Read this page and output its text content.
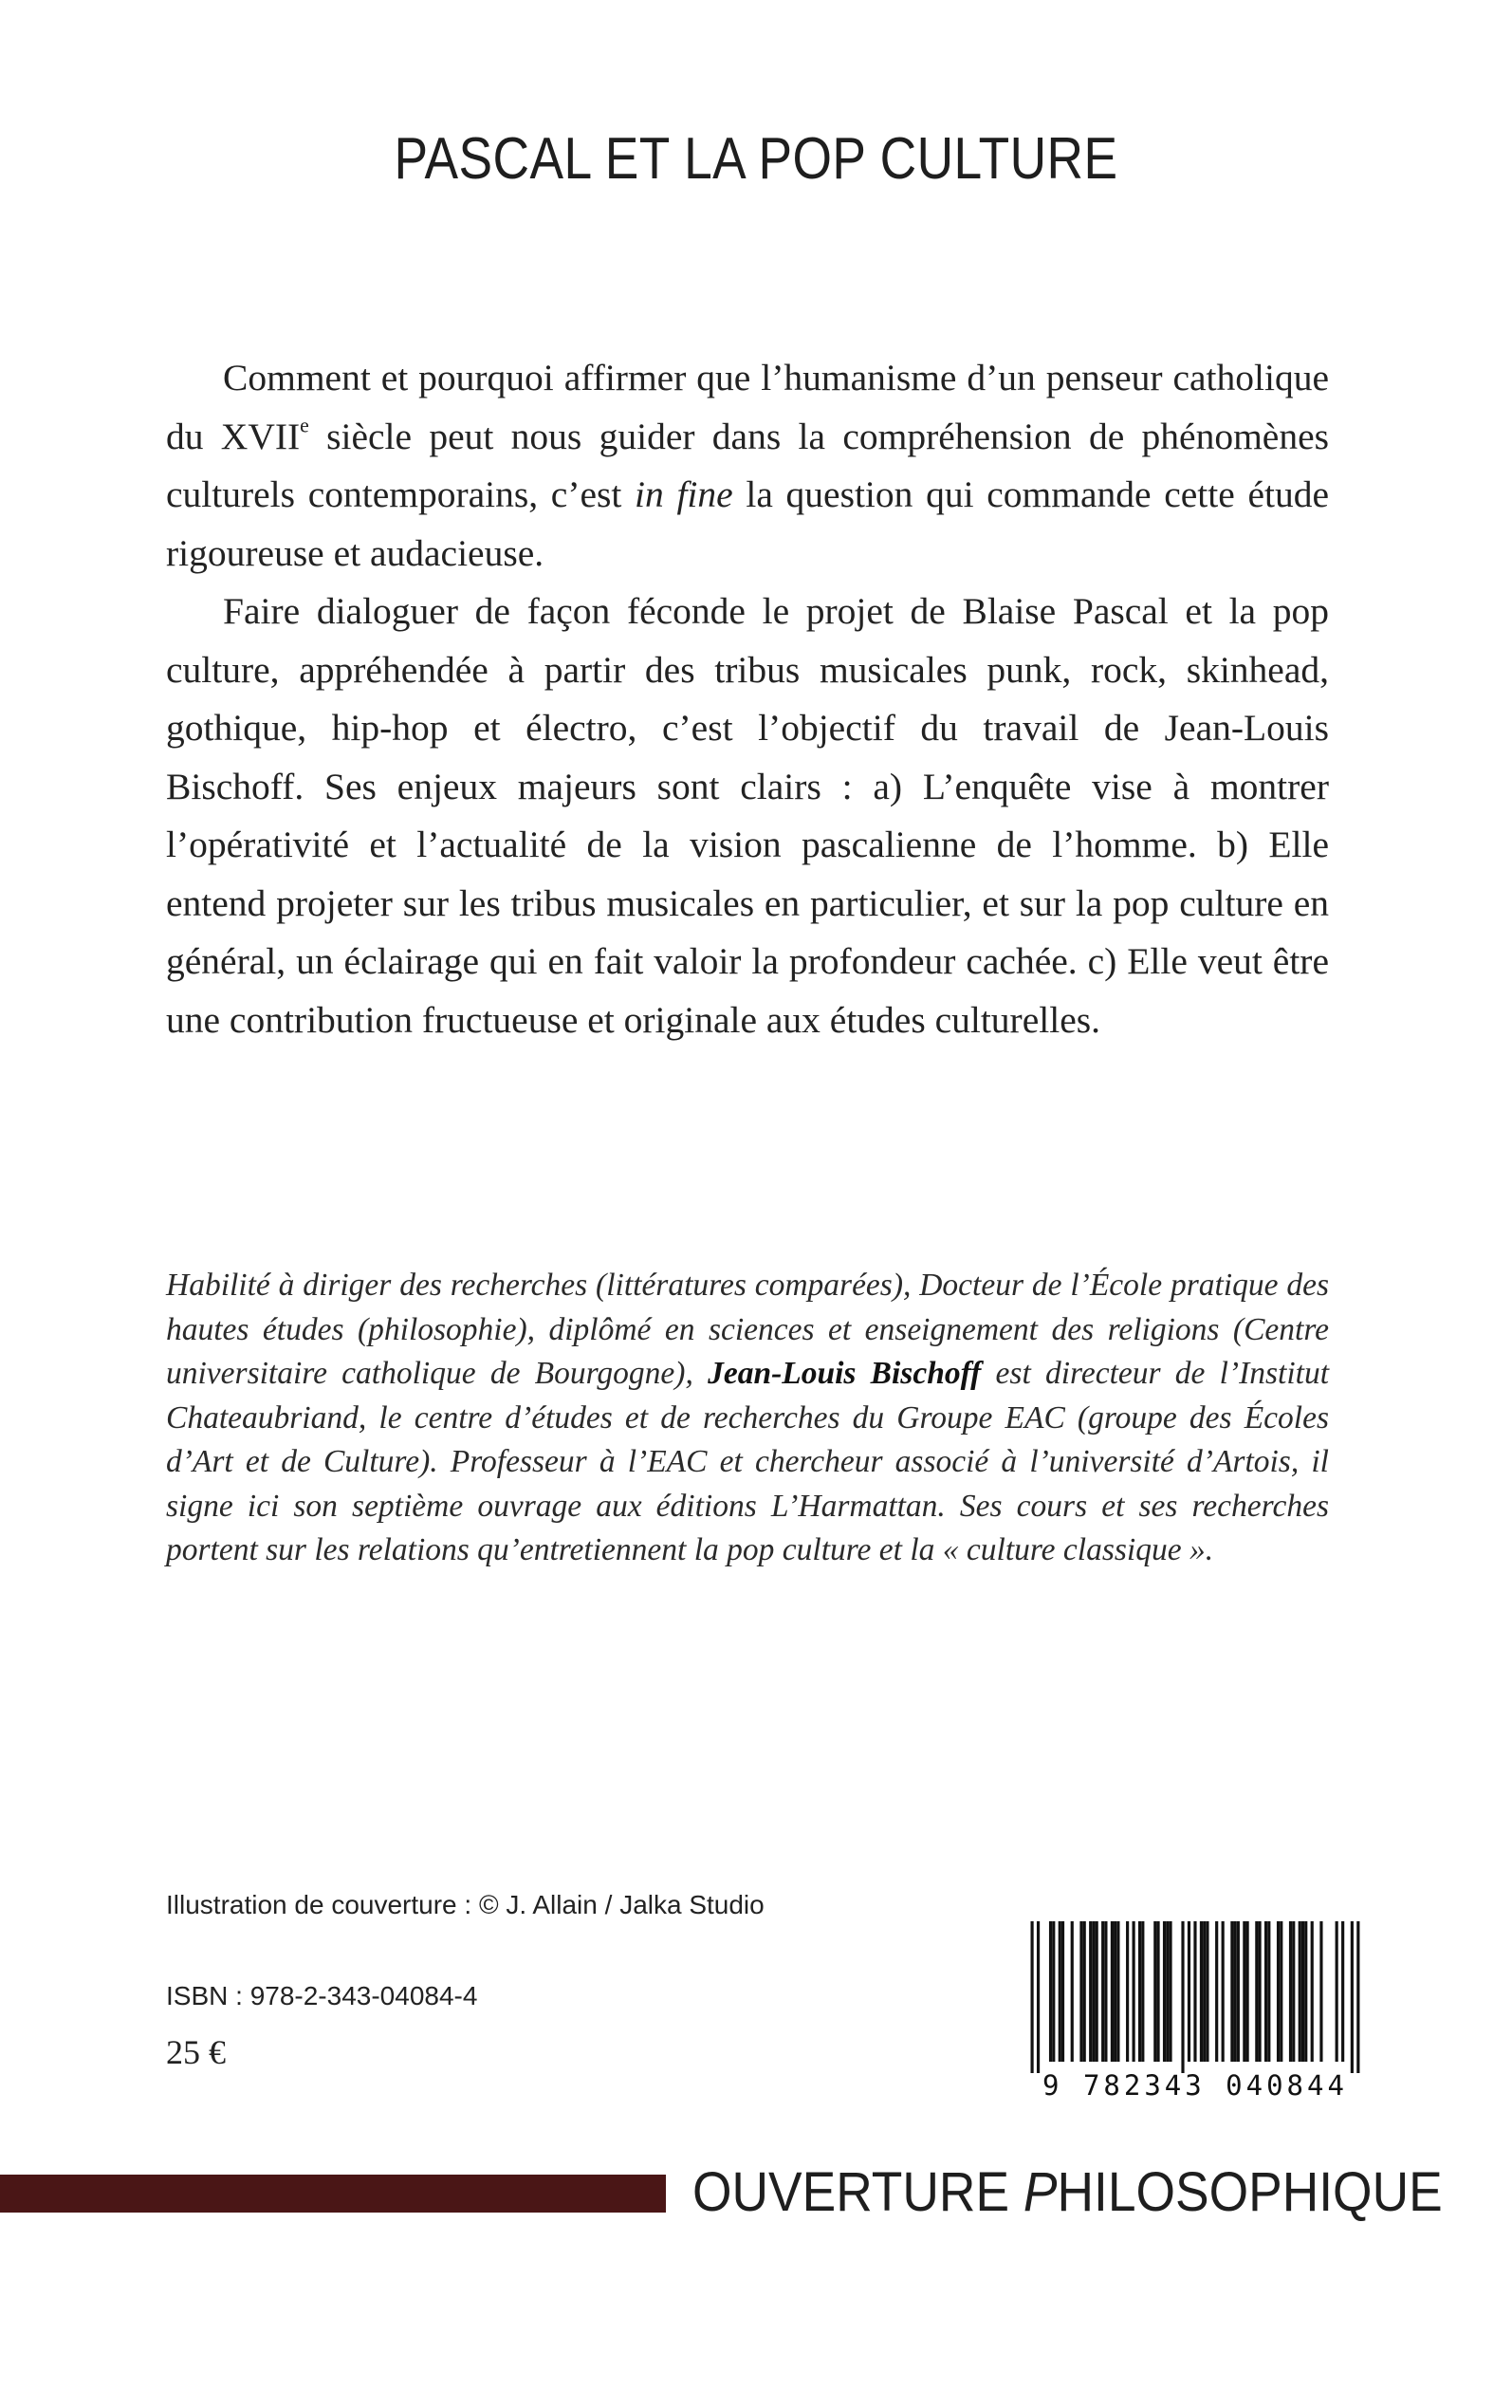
PASCAL ET LA POP CULTURE

Comment et pourquoi affirmer que l’humanisme d’un penseur catholique du XVIIe siècle peut nous guider dans la compréhension de phénomènes culturels contemporains, c’est in fine la question qui commande cette étude rigoureuse et audacieuse.

Faire dialoguer de façon féconde le projet de Blaise Pascal et la pop culture, appréhendée à partir des tribus musicales punk, rock, skinhead, gothique, hip-hop et électro, c’est l’objectif du travail de Jean-Louis Bischoff. Ses enjeux majeurs sont clairs : a) L’enquête vise à montrer l’opérativité et l’actualité de la vision pascalienne de l’homme. b) Elle entend projeter sur les tribus musicales en particulier, et sur la pop culture en général, un éclairage qui en fait valoir la profondeur cachée. c) Elle veut être une contribution fructueuse et originale aux études culturelles.

Habilité à diriger des recherches (littératures comparées), Docteur de l’École pratique des hautes études (philosophie), diplômé en sciences et enseignement des religions (Centre universitaire catholique de Bourgogne), Jean-Louis Bischoff est directeur de l’Institut Chateaubriand, le centre d’études et de recherches du Groupe EAC (groupe des Écoles d’Art et de Culture). Professeur à l’EAC et chercheur associé à l’université d’Artois, il signe ici son septième ouvrage aux éditions L’Harmattan. Ses cours et ses recherches portent sur les relations qu’entretiennent la pop culture et la « culture classique ».

Illustration de couverture : © J. Allain / Jalka Studio
ISBN : 978-2-343-04084-4
25 €
9 782343 040844
OUVERTURE PHILOSOPHIQUE
